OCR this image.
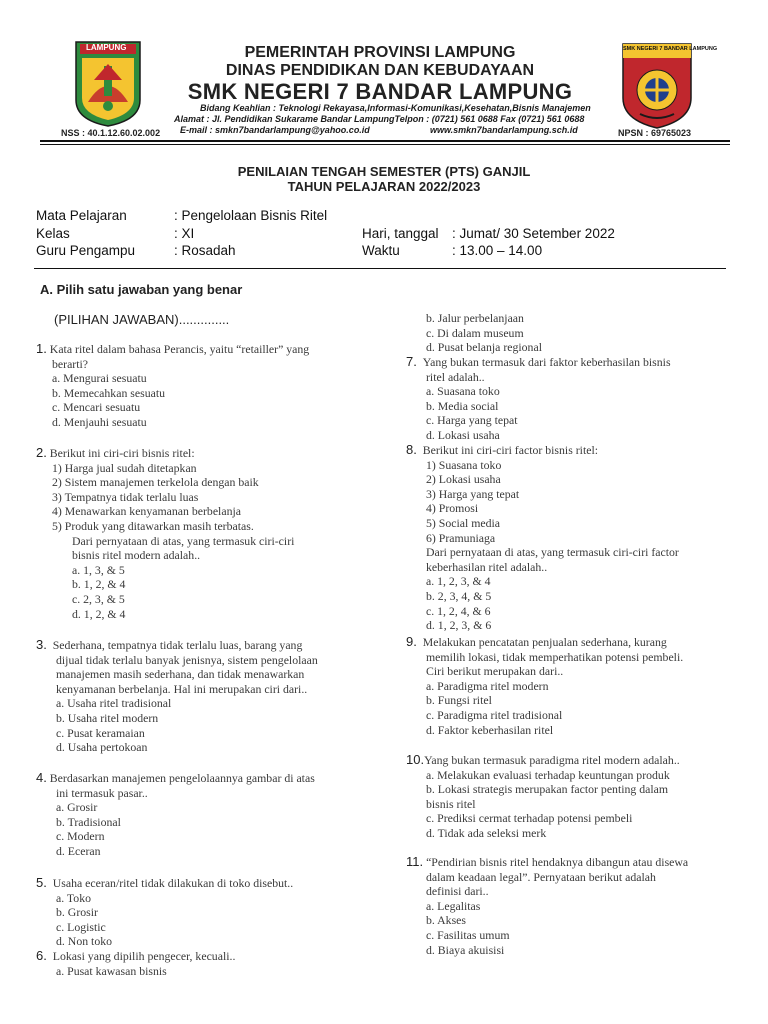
LAMPUNG	SMK NEGERI 7 BANDAR LAMPUNG
PEMERINTAH PROVINSI LAMPUNG
DINAS PENDIDIKAN DAN KEBUDAYAAN
SMK NEGERI 7 BANDAR LAMPUNG
Bidang Keahlian : Teknologi Rekayasa,Informasi-Komunikasi,Kesehatan,Bisnis Manajemen
Alamat : Jl. Pendidikan Sukarame Bandar LampungTelpon : (0721) 561 0688 Fax (0721) 561 0688
E-mail : smkn7bandarlampung@yahoo.co.id	www.smkn7bandarlampung.sch.id
NSS : 40.1.12.60.02.002	NPSN : 69765023
PENILAIAN TENGAH SEMESTER (PTS) GANJIL
TAHUN PELAJARAN 2022/2023
Mata Pelajaran	: Pengelolaan Bisnis Ritel
Kelas	: XI
Guru Pengampu	: Rosadah
Hari, tanggal : Jumat/ 30 Setember 2022
Waktu	: 13.00 – 14.00
A. Pilih satu jawaban yang benar
(PILIHAN JAWABAN)..............

1. Kata ritel dalam bahasa Perancis, yaitu “retailler” yang

berarti?

a. Mengurai sesuatu

b. Memecahkan sesuatu

c. Mencari sesuatu

d. Menjauhi sesuatu

2. Berikut ini ciri-ciri bisnis ritel:

1) Harga jual sudah ditetapkan

2) Sistem manajemen terkelola dengan baik

3) Tempatnya tidak terlalu luas

4) Menawarkan kenyamanan berbelanja

5) Produk yang ditawarkan masih terbatas.

Dari pernyataan di atas, yang termasuk ciri-ciri

bisnis ritel modern adalah..

a. 1, 3, & 5

b. 1, 2, & 4

c. 2, 3, & 5

d. 1, 2, & 4

3. Sederhana, tempatnya tidak terlalu luas, barang yang

dijual tidak terlalu banyak jenisnya, sistem pengelolaan

manajemen masih sederhana, dan tidak menawarkan

kenyamanan berbelanja. Hal ini merupakan ciri dari..

a. Usaha ritel tradisional

b. Usaha ritel modern

c. Pusat keramaian

d. Usaha pertokoan

4. Berdasarkan manajemen pengelolaannya gambar di atas

ini termasuk pasar..

a. Grosir

b. Tradisional

c. Modern

d. Eceran

5. Usaha eceran/ritel tidak dilakukan di toko disebut..

a. Toko

b. Grosir

c. Logistic

d. Non toko

6. Lokasi yang dipilih pengecer, kecuali..

a. Pusat kawasan bisnis

b. Jalur perbelanjaan

c. Di dalam museum

d. Pusat belanja regional

7. Yang bukan termasuk dari faktor keberhasilan bisnis

ritel adalah..

a. Suasana toko

b. Media social

c. Harga yang tepat

d. Lokasi usaha

8. Berikut ini ciri-ciri factor bisnis ritel:

1) Suasana toko

2) Lokasi usaha

3) Harga yang tepat

4) Promosi

5) Social media

6) Pramuniaga

Dari pernyataan di atas, yang termasuk ciri-ciri factor

keberhasilan ritel adalah..

a. 1, 2, 3, & 4

b. 2, 3, 4, & 5

c. 1, 2, 4, & 6

d. 1, 2, 3, & 6

9. Melakukan pencatatan penjualan sederhana, kurang

memilih lokasi, tidak memperhatikan potensi pembeli.

Ciri berikut merupakan dari..

a. Paradigma ritel modern

b. Fungsi ritel

c. Paradigma ritel tradisional

d. Faktor keberhasilan ritel

10.Yang bukan termasuk paradigma ritel modern adalah..

a. Melakukan evaluasi terhadap keuntungan produk

b. Lokasi strategis merupakan factor penting dalam

bisnis ritel

c. Prediksi cermat terhadap potensi pembeli

d. Tidak ada seleksi merk

11. “Pendirian bisnis ritel hendaknya dibangun atau disewa

dalam keadaan legal”. Pernyataan berikut adalah

definisi dari..

a. Legalitas

b. Akses

c. Fasilitas umum

d. Biaya akuisisi
